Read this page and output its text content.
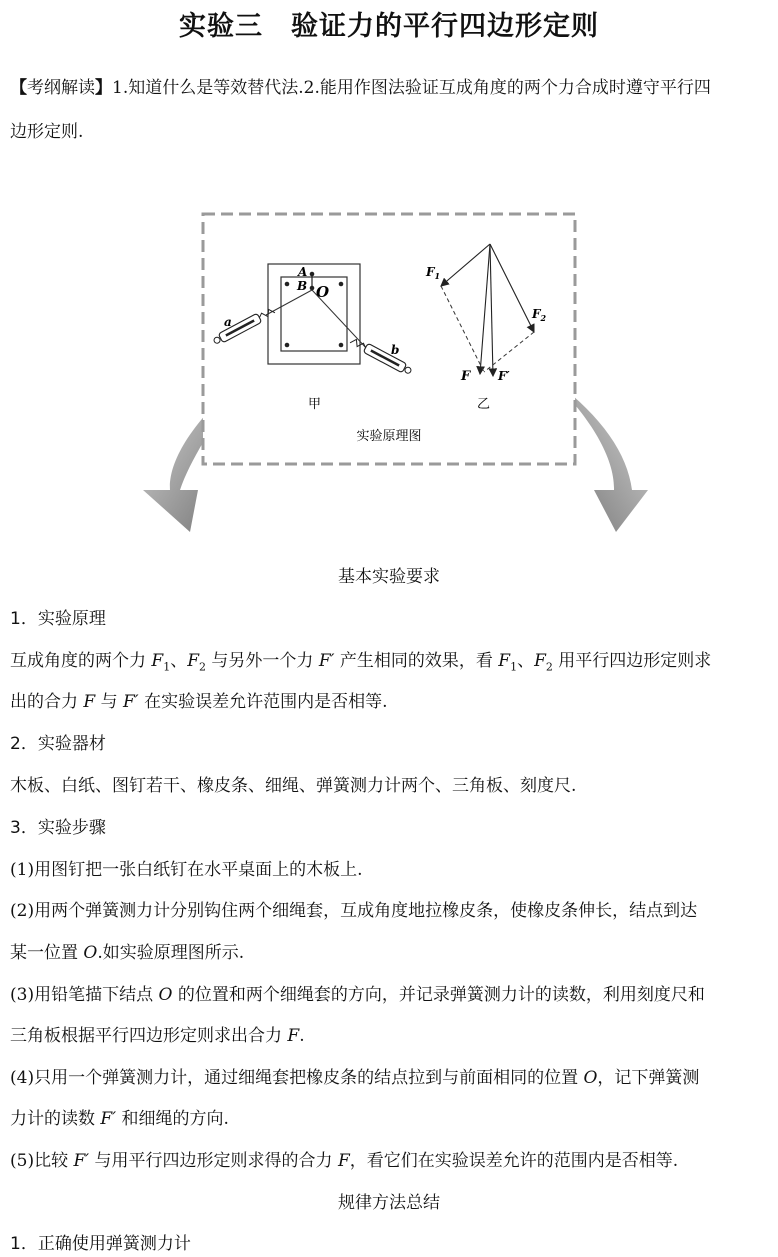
实验三　验证力的平行四边形定则
【考纲解读】1.知道什么是等效替代法.2.能用作图法验证互成角度的两个力合成时遵守平行四
边形定则.
A
B O
a
b
甲
$F_1$
$F_2$
F F′
乙
实验原理图
基本实验要求
1．实验原理
互成角度的两个力 $F_1$、$F_2$ 与另外一个力 F′ 产生相同的效果，看 $F_1$、$F_2$ 用平行四边形定则求
出的合力 F 与 F′ 在实验误差允许范围内是否相等.
2．实验器材
木板、白纸、图钉若干、橡皮条、细绳、弹簧测力计两个、三角板、刻度尺.
3．实验步骤
(1)用图钉把一张白纸钉在水平桌面上的木板上.
(2)用两个弹簧测力计分别钩住两个细绳套，互成角度地拉橡皮条，使橡皮条伸长，结点到达
某一位置 O.如实验原理图所示.
(3)用铅笔描下结点 O 的位置和两个细绳套的方向，并记录弹簧测力计的读数，利用刻度尺和
三角板根据平行四边形定则求出合力 F.
(4)只用一个弹簧测力计，通过细绳套把橡皮条的结点拉到与前面相同的位置 O，记下弹簧测
力计的读数 F′ 和细绳的方向.
(5)比较 F′ 与用平行四边形定则求得的合力 F，看它们在实验误差允许的范围内是否相等.
规律方法总结
1．正确使用弹簧测力计
